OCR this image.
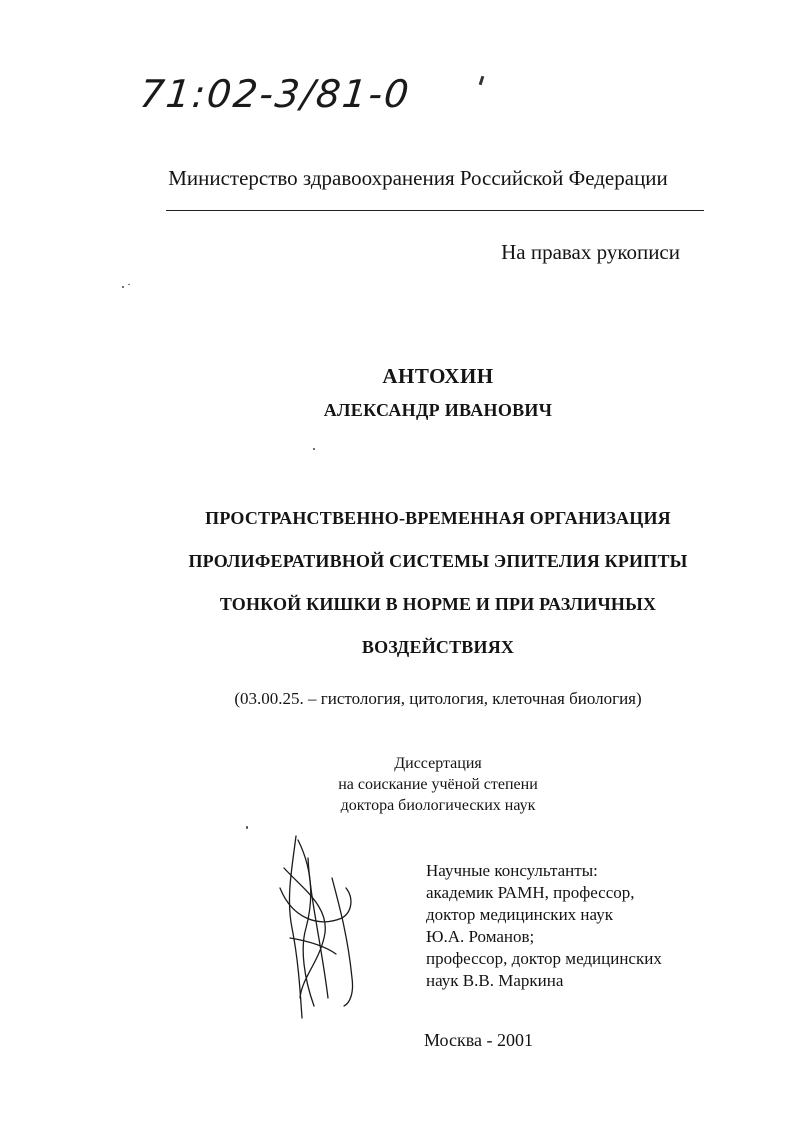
71:02-3/81-0
Министерство здравоохранения Российской Федерации
На правах рукописи
АНТОХИН
АЛЕКСАНДР ИВАНОВИЧ
ПРОСТРАНСТВЕННО-ВРЕМЕННАЯ ОРГАНИЗАЦИЯ
ПРОЛИФЕРАТИВНОЙ СИСТЕМЫ ЭПИТЕЛИЯ КРИПТЫ
ТОНКОЙ КИШКИ В НОРМЕ И ПРИ РАЗЛИЧНЫХ
ВОЗДЕЙСТВИЯХ
(03.00.25. – гистология, цитология, клеточная биология)
Диссертация
на соискание учёной степени
доктора биологических наук
Научные консультанты:
академик РАМН, профессор,
доктор медицинских наук
Ю.А. Романов;
профессор, доктор медицинских
наук В.В. Маркина
Москва - 2001
